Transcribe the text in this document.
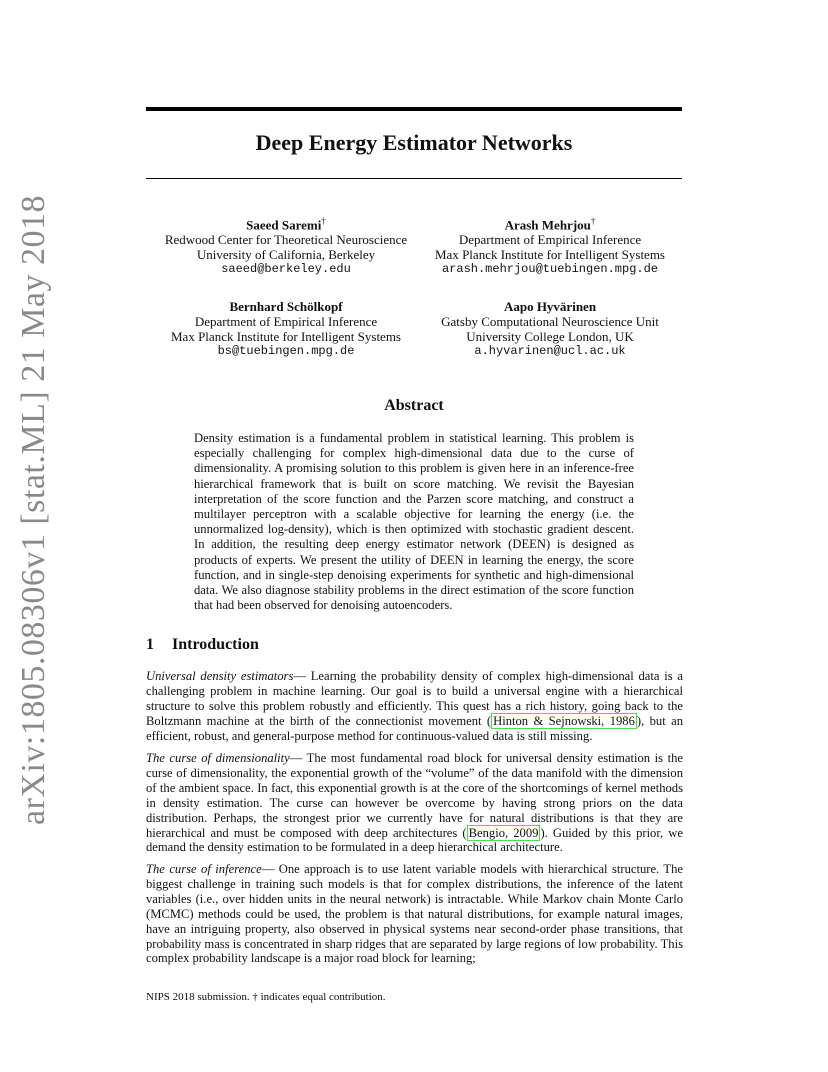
arXiv:1805.08306v1 [stat.ML] 21 May 2018
Deep Energy Estimator Networks
Saeed Saremi†
Redwood Center for Theoretical Neuroscience
University of California, Berkeley
saeed@berkeley.edu
Arash Mehrjou†
Department of Empirical Inference
Max Planck Institute for Intelligent Systems
arash.mehrjou@tuebingen.mpg.de
Bernhard Schölkopf
Department of Empirical Inference
Max Planck Institute for Intelligent Systems
bs@tuebingen.mpg.de
Aapo Hyvärinen
Gatsby Computational Neuroscience Unit
University College London, UK
a.hyvarinen@ucl.ac.uk
Abstract
Density estimation is a fundamental problem in statistical learning. This problem is especially challenging for complex high-dimensional data due to the curse of dimensionality. A promising solution to this problem is given here in an inference-free hierarchical framework that is built on score matching. We revisit the Bayesian interpretation of the score function and the Parzen score matching, and construct a multilayer perceptron with a scalable objective for learning the energy (i.e. the unnormalized log-density), which is then optimized with stochastic gradient descent. In addition, the resulting deep energy estimator network (DEEN) is designed as products of experts. We present the utility of DEEN in learning the energy, the score function, and in single-step denoising experiments for synthetic and high-dimensional data. We also diagnose stability problems in the direct estimation of the score function that had been observed for denoising autoencoders.
1 Introduction
Universal density estimators— Learning the probability density of complex high-dimensional data is a challenging problem in machine learning. Our goal is to build a universal engine with a hierarchical structure to solve this problem robustly and efficiently. This quest has a rich history, going back to the Boltzmann machine at the birth of the connectionist movement ( Hinton & Sejnowski, 1986 ), but an efficient, robust, and general-purpose method for continuous-valued data is still missing.
The curse of dimensionality— The most fundamental road block for universal density estimation is the curse of dimensionality, the exponential growth of the “volume” of the data manifold with the dimension of the ambient space. In fact, this exponential growth is at the core of the shortcomings of kernel methods in density estimation. The curse can however be overcome by having strong priors on the data distribution. Perhaps, the strongest prior we currently have for natural distributions is that they are hierarchical and must be composed with deep architectures ( Bengio, 2009 ). Guided by this prior, we demand the density estimation to be formulated in a deep hierarchical architecture.
The curse of inference— One approach is to use latent variable models with hierarchical structure. The biggest challenge in training such models is that for complex distributions, the inference of the latent variables (i.e., over hidden units in the neural network) is intractable. While Markov chain Monte Carlo (MCMC) methods could be used, the problem is that natural distributions, for example natural images, have an intriguing property, also observed in physical systems near second-order phase transitions, that probability mass is concentrated in sharp ridges that are separated by large regions of low probability. This complex probability landscape is a major road block for learning;
NIPS 2018 submission. † indicates equal contribution.
